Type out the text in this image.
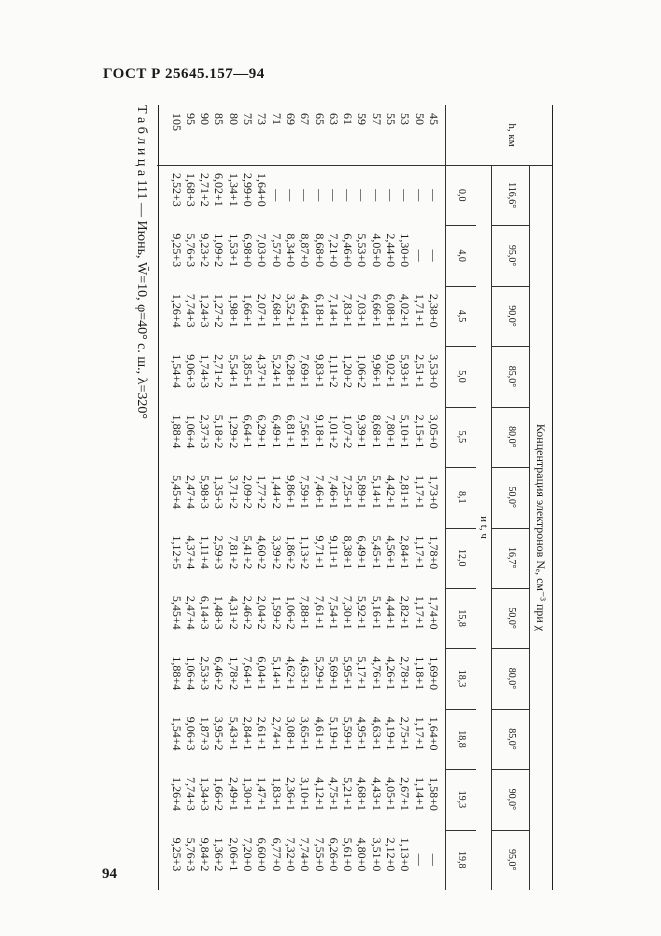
ГОСТ Р 25645.157—94
Т а б л и ц а 111 — Июнь, W̄=10, φ=40° с. ш., λ=320°	45
—
—
2,38+0
3,53+0
3,05+0
1,73+0
1,78+0
1,74+0
1,69+0
1,64+0
1,58+0
—
50
—
—
1,71+1
2,51+1
2,15+1
1,17+1
1,17+1
1,17+1
1,18+1
1,17+1
1,14+1
—
53
—
1,30+0
4,02+1
5,93+1
5,10+1
2,81+1
2,84+1
2,82+1
2,78+1
2,75+1
2,67+1
1,13+0
55
—
2,44+0
6,08+1
9,02+1
7,80+1
4,42+1
4,56+1
4,44+1
4,26+1
4,19+1
4,05+1
2,12+0
57
—
4,05+0
6,66+1
9,96+1
8,68+1
5,14+1
5,45+1
5,16+1
4,76+1
4,63+1
4,43+1
3,51+0
59
—
5,53+0
7,03+1
1,06+2
9,39+1
5,89+1
6,49+1
5,92+1
5,17+1
4,95+1
4,68+1
4,80+0
61
—
6,46+0
7,83+1
1,20+2
1,07+2
7,25+1
8,38+1
7,30+1
5,95+1
5,59+1
5,21+1
5,61+0
63
—
7,21+0
7,14+1
1,11+2
1,01+2
7,46+1
9,11+1
7,54+1
5,69+1
5,19+1
4,75+1
6,26+0
65
—
8,68+0
6,18+1
9,83+1
9,18+1
7,46+1
9,71+1
7,61+1
5,29+1
4,61+1
4,12+1
7,55+0
67
—
8,87+0
4,64+1
7,69+1
7,56+1
7,59+1
1,13+2
7,88+1
4,63+1
3,65+1
3,10+1
7,74+0
69
—
8,34+0
3,52+1
6,28+1
6,81+1
9,86+1
1,86+2
1,06+2
4,62+1
3,08+1
2,36+1
7,32+0
71
—
7,57+0
2,68+1
5,24+1
6,49+1
1,44+2
3,39+2
1,59+2
5,14+1
2,74+1
1,83+1
6,77+0
73
1,64+0
7,03+0
2,07+1
4,37+1
6,29+1
1,77+2
4,60+2
2,04+2
6,04+1
2,61+1
1,47+1
6,60+0
75
2,99+0
6,98+0
1,66+1
3,85+1
6,64+1
2,09+2
5,41+2
2,46+2
7,64+1
2,84+1
1,30+1
7,20+0
80
1,34+1
1,53+1
1,98+1
5,54+1
1,29+2
3,71+2
7,81+2
4,31+2
1,78+2
5,43+1
2,49+1
2,06+1
85
6,02+1
1,09+2
1,27+2
2,71+2
5,18+2
1,35+3
2,59+3
1,48+3
6,46+2
3,95+2
1,66+2
1,36+2
90
2,71+2
9,23+2
1,24+3
1,74+3
2,37+3
5,98+3
1,11+4
6,14+3
2,53+3
1,87+3
1,34+3
9,84+2
95
1,68+3
5,76+3
7,74+3
9,06+3
1,06+4
2,47+4
4,37+4
2,47+4
1,06+4
9,06+3
7,74+3
5,76+3
105
2,52+3
9,25+3
1,26+4
1,54+4
1,88+4
5,45+4
1,12+5
5,45+4
1,88+4
1,54+4
1,26+4
9,25+3
h, км
Концентрация электронов Nₑ, см⁻³ при χ
и t, ч
116,6°
95,0°
90,0°
85,0°
80,0°
50,0°
16,7°
50,0°
80,0°
85,0°
90,0°
95,0°
0,0
4,0
4,5
5,0
5,5
8,1
12,0
15,8
18,3
18,8
19,3
19,8
94
